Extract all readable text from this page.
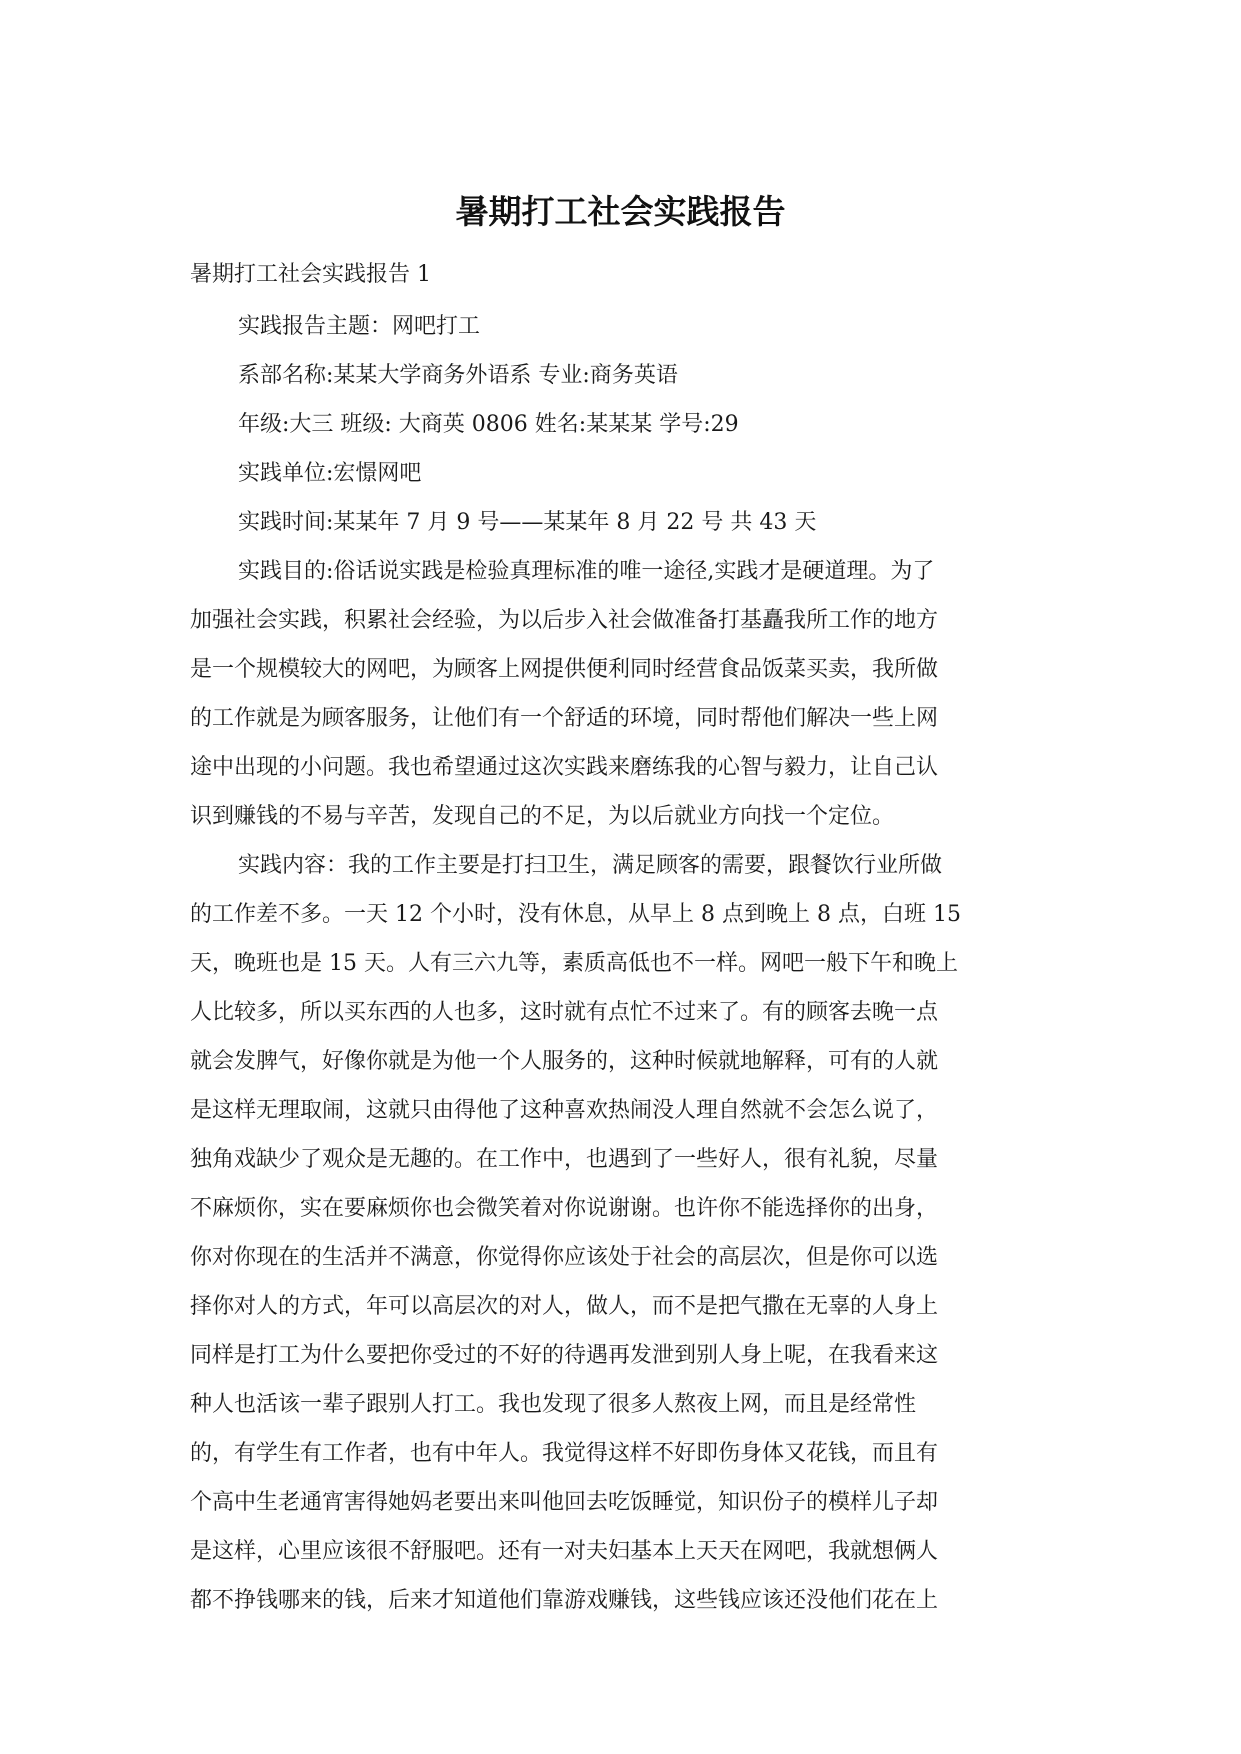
暑期打工社会实践报告
暑期打工社会实践报告 1
实践报告主题：网吧打工
系部名称:某某大学商务外语系 专业:商务英语
年级:大三 班级: 大商英 0806 姓名:某某某 学号:29
实践单位:宏憬网吧
实践时间:某某年 7 月 9 号——某某年 8 月 22 号 共 43 天
实践目的:俗话说实践是检验真理标准的唯一途径,实践才是硬道理。为了
加强社会实践，积累社会经验，为以后步入社会做准备打基矗我所工作的地方
是一个规模较大的网吧，为顾客上网提供便利同时经营食品饭菜买卖，我所做
的工作就是为顾客服务，让他们有一个舒适的环境，同时帮他们解决一些上网
途中出现的小问题。我也希望通过这次实践来磨练我的心智与毅力，让自己认
识到赚钱的不易与辛苦，发现自己的不足，为以后就业方向找一个定位。
实践内容：我的工作主要是打扫卫生，满足顾客的需要，跟餐饮行业所做
的工作差不多。一天 12 个小时，没有休息，从早上 8 点到晚上 8 点，白班 15
天，晚班也是 15 天。人有三六九等，素质高低也不一样。网吧一般下午和晚上
人比较多，所以买东西的人也多，这时就有点忙不过来了。有的顾客去晚一点
就会发脾气，好像你就是为他一个人服务的，这种时候就地解释，可有的人就
是这样无理取闹，这就只由得他了这种喜欢热闹没人理自然就不会怎么说了，
独角戏缺少了观众是无趣的。在工作中，也遇到了一些好人，很有礼貌，尽量
不麻烦你，实在要麻烦你也会微笑着对你说谢谢。也许你不能选择你的出身，
你对你现在的生活并不满意，你觉得你应该处于社会的高层次，但是你可以选
择你对人的方式，年可以高层次的对人，做人，而不是把气撒在无辜的人身上
同样是打工为什么要把你受过的不好的待遇再发泄到别人身上呢，在我看来这
种人也活该一辈子跟别人打工。我也发现了很多人熬夜上网，而且是经常性
的，有学生有工作者，也有中年人。我觉得这样不好即伤身体又花钱，而且有
个高中生老通宵害得她妈老要出来叫他回去吃饭睡觉，知识份子的模样儿子却
是这样，心里应该很不舒服吧。还有一对夫妇基本上天天在网吧，我就想俩人
都不挣钱哪来的钱，后来才知道他们靠游戏赚钱，这些钱应该还没他们花在上
